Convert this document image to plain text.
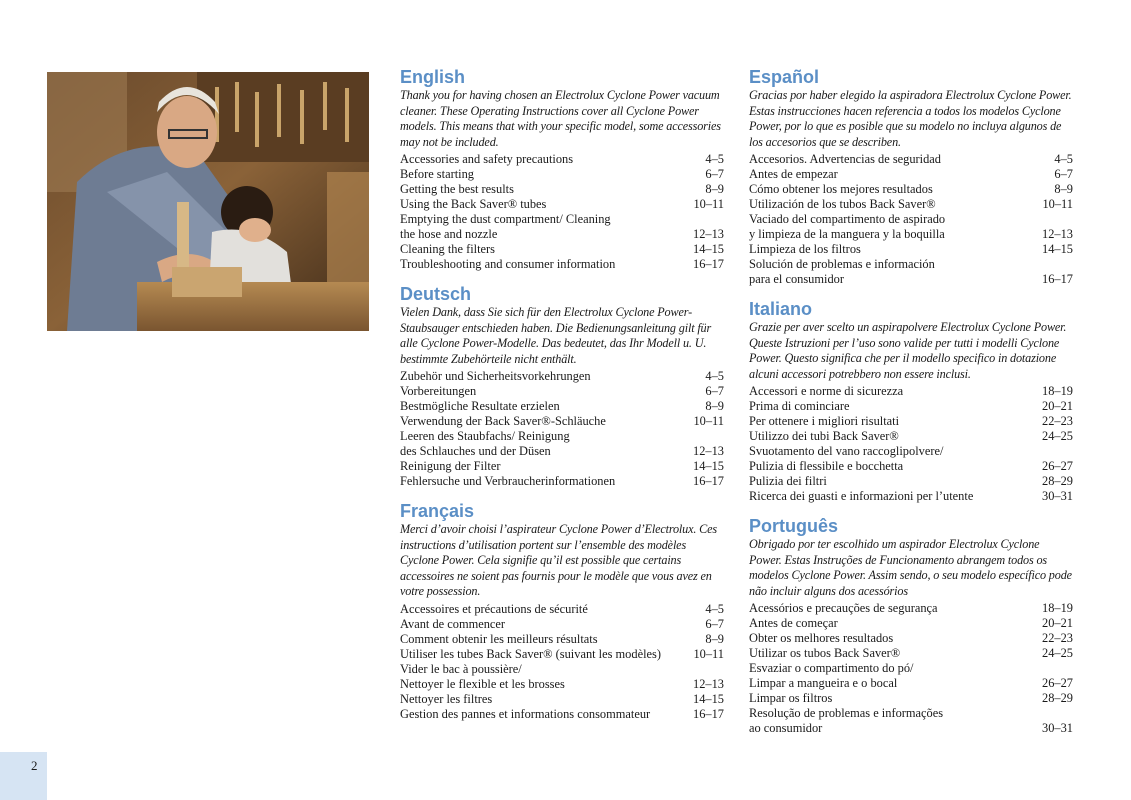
English

Thank you for having chosen an Electrolux Cyclone Power vacuum cleaner. These Operating Instructions cover all Cyclone Power models. This means that with your specific model, some accessories may not be included.

Accessories and safety precautions	4–5
Before starting	6–7
Getting the best results	8–9
Using the Back Saver® tubes	10–11
Emptying the dust compartment/ Cleaning
the hose and nozzle	12–13
Cleaning the filters	14–15
Troubleshooting and consumer information	16–17
Deutsch

Vielen Dank, dass Sie sich für den Electrolux Cyclone Power-Staubsauger entschieden haben. Die Bedienungsanleitung gilt für alle Cyclone Power-Modelle. Das bedeutet, das Ihr Modell u. U. bestimmte Zubehörteile nicht enthält.

Zubehör und Sicherheitsvorkehrungen	4–5
Vorbereitungen	6–7
Bestmögliche Resultate erzielen	8–9
Verwendung der Back Saver®-Schläuche	10–11
Leeren des Staubfachs/ Reinigung
des Schlauches und der Düsen	12–13
Reinigung der Filter	14–15
Fehlersuche und Verbraucherinformationen	16–17
Français

Merci d’avoir choisi l’aspirateur Cyclone Power d’Electrolux. Ces instructions d’utilisation portent sur l’ensemble des modèles Cyclone Power. Cela signifie qu’il est possible que certains accessoires ne soient pas fournis pour le modèle que vous avez en votre possession.

Accessoires et précautions de sécurité	4–5
Avant de commencer	6–7
Comment obtenir les meilleurs résultats	8–9
Utiliser les tubes Back Saver® (suivant les modèles)	10–11
Vider le bac à poussière/
Nettoyer le flexible et les brosses	12–13
Nettoyer les filtres	14–15
Gestion des pannes et informations consommateur	16–17
Español

Gracias por haber elegido la aspiradora Electrolux Cyclone Power. Estas instrucciones hacen referencia a todos los modelos Cyclone Power, por lo que es posible que su modelo no incluya algunos de los accesorios que se describen.

Accesorios. Advertencias de seguridad	4–5
Antes de empezar	6–7
Cómo obtener los mejores resultados	8–9
Utilización de los tubos Back Saver®	10–11
Vaciado del compartimento de aspirado
y limpieza de la manguera y la boquilla	12–13
Limpieza de los filtros	14–15
Solución de problemas e información
para el consumidor	16–17
Italiano

Grazie per aver scelto un aspirapolvere Electrolux Cyclone Power. Queste Istruzioni per l’uso sono valide per tutti i modelli Cyclone Power. Questo significa che per il modello specifico in dotazione alcuni accessori potrebbero non essere inclusi.

Accessori e norme di sicurezza	18–19
Prima di cominciare	20–21
Per ottenere i migliori risultati	22–23
Utilizzo dei tubi Back Saver®	24–25
Svuotamento del vano raccoglipolvere/
Pulizia di flessibile e bocchetta	26–27
Pulizia dei filtri	28–29
Ricerca dei guasti e informazioni per l’utente	30–31
Português

Obrigado por ter escolhido um aspirador Electrolux Cyclone Power. Estas Instruções de Funcionamento abrangem todos os modelos Cyclone Power. Assim sendo, o seu modelo específico pode não incluir alguns dos acessórios

Acessórios e precauções de segurança	18–19
Antes de começar	20–21
Obter os melhores resultados	22–23
Utilizar os tubos Back Saver®	24–25
Esvaziar o compartimento do pó/
Limpar a mangueira e o bocal	26–27
Limpar os filtros	28–29
Resolução de problemas e informações
ao consumidor	30–31
2
